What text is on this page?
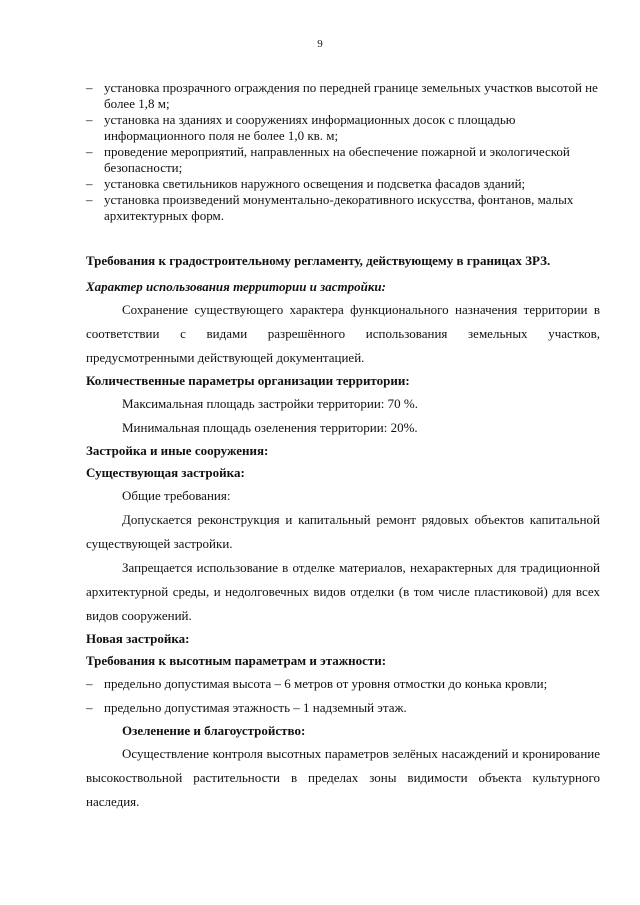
9
– установка прозрачного ограждения по передней границе земельных участков высотой не более 1,8 м;
– установка на зданиях и сооружениях информационных досок с площадью информационного поля не более 1,0 кв. м;
– проведение мероприятий, направленных на обеспечение пожарной и экологической безопасности;
– установка светильников наружного освещения и подсветка фасадов зданий;
– установка произведений монументально-декоративного искусства, фонтанов, малых архитектурных форм.

Требования к градостроительному регламенту, действующему в границах ЗРЗ.

Характер использования территории и застройки:

Сохранение существующего характера функционального назначения территории в соответствии с видами разрешённого использования земельных участков, предусмотренными действующей документацией.

Количественные параметры организации территории:

Максимальная площадь застройки территории: 70 %.

Минимальная площадь озеленения территории: 20%.

Застройка и иные сооружения:

Существующая застройка:

Общие требования:

Допускается реконструкция и капитальный ремонт рядовых объектов капитальной существующей застройки.

Запрещается использование в отделке материалов, нехарактерных для традиционной архитектурной среды, и недолговечных видов отделки (в том числе пластиковой) для всех видов сооружений.

Новая застройка:

Требования к высотным параметрам и этажности:

– предельно допустимая высота – 6 метров от уровня отмостки до конька кровли;
– предельно допустимая этажность – 1 надземный этаж.

Озеленение и благоустройство:

Осуществление контроля высотных параметров зелёных насаждений и кронирование высокоствольной растительности в пределах зоны видимости объекта культурного наследия.
